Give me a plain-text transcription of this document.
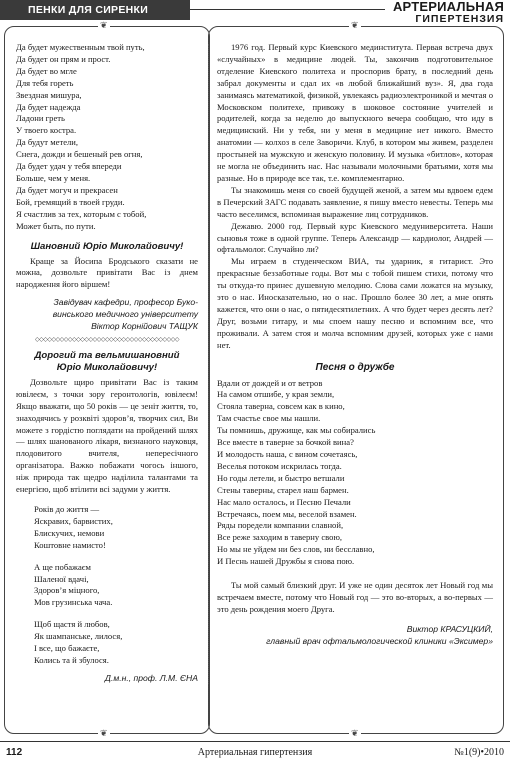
ПЕНКИ ДЛЯ СИРЕНКИ	АРТЕРИАЛЬНАЯ
ГИПЕРТЕНЗИЯ
❦
❦
❦
❦
Да будет мужественным твой путь,
Да будет он прям и прост.
Да будет во мгле
Для тебя гореть
Звездная мишура,
Да будет надежда
Ладони греть
У твоего костра.
Да будут метели,
Снега, дожди и бешеный рев огня,
Да будет удач у тебя впереди
Больше, чем у меня.
Да будет могуч и прекрасен
Бой, гремящий в твоей груди.
Я счастлив за тех, которым с тобой,
Может быть, по пути.
Шановний Юріо Миколайовичу!

Краще за Йосипа Бродського сказати не можна, дозвольте привітати Вас із днем народження його віршем!

Завідувач кафедри, професор Буко-
винського медичного університету
Віктор Корнійович ТАЩУК
◇◇◇◇◇◇◇◇◇◇◇◇◇◇◇◇◇◇◇◇◇◇◇◇◇◇◇◇◇◇◇◇◇◇◇
Дорогий та вельмишановний
Юріо Миколайовичу!

Дозвольте щиро привітати Вас із таким ювілеєм, з точки зору геронтологів, ювілеєм! Якщо вважати, що 50 років — це зеніт життя, то, знаходячись у розквіті здоров’я, творчих сил, Ви можете з гордістю поглядати на пройдений шлях — шлях шанованого лікаря, визнаного науковця, плодовитого вчителя, непересічного організатора. Важко побажати чогось іншого, ніж природа так щедро наділила талантами та енергією, щоб втілити всі задуми у життя.

Років до життя —
Яскравих, барвистих,
Блискучих, немови
Коштовне намисто!
А ще побажаєм
Шаленої вдачі,
Здоров’я міцного,
Мов грузинська чача.
Щоб щастя й любов,
Як шампанське, лилося,
І все, що бажаєте,
Колись та й збулося.
Д.м.н., проф. Л.М. ЄНА

1976 год. Первый курс Киевского мединститута. Первая встреча двух «случайных» в медицине людей. Ты, закончив подготовительное отделение Киевского политеха и проспорив брату, в последний день забрал документы и сдал их «в любой ближайший вуз». Я, два года занимаясь математикой, физикой, увлекаясь радиоэлектроникой и мечтая о Московском политехе, привожу в шоковое состояние учителей и родителей, когда за неделю до выпускного вечера сообщаю, что иду в медицинский. Ни у тебя, ни у меня в медицине нет никого. Вместо анатомии — колхоз в селе Заворичи. Клуб, в котором мы живем, разделен простыней на мужскую и женскую половину. И музыка «битлов», которая не могла не объединить нас. Нас называли молочными братьями, хотя мы разные. Но в природе все так, т.е. комплементарно.

Ты знакомишь меня со своей будущей женой, а затем мы вдвоем едем в Печерский ЗАГС подавать заявление, я пишу вместо невесты. Теперь мы часто веселимся, вспоминая выражение лиц сотрудников.

Дежавю. 2000 год. Первый курс Киевского медуниверситета. Наши сыновья тоже в одной группе. Теперь Александр — кардиолог, Андрей — офтальмолог. Случайно ли?

Мы играем в студенческом ВИА, ты ударник, я гитарист. Это прекрасные беззаботные годы. Вот мы с тобой пишем стихи, потому что ты откуда-то принес душевную мелодию. Слова сами ложатся на музыку, это о нас. Иносказательно, но о нас. Прошло более 30 лет, а мне опять кажется, что они о нас, о пятидесятилетних. А что будет через десять лет? Друг, возьми гитару, и мы споем нашу песню и вспомним все, что проживали. А затем стоя и молча вспомним друзей, которых уже с нами нет.

Песня о дружбе
Вдали от дождей и от ветров
На самом отшибе, у края земли,
Стояла таверна, совсем как в кино,
Там счастье свое мы нашли.
Ты помнишь, дружище, как мы собирались
Все вместе в таверне за бочкой вина?
И молодость наша, с вином сочетаясь,
Веселья потоком искрилась тогда.
Но годы летели, и быстро ветшали
Стены таверны, старел наш бармен.
Нас мало осталось, и Песню Печали
Встречаясь, поем мы, веселой взамен.
Ряды поредели компании славной,
Все реже заходим в таверну свою,
Но мы не уйдем ни без слов, ни бесславно,
И Песнь нашей Дружбы я снова пою.

Ты мой самый близкий друг. И уже не один десяток лет Новый год мы встречаем вместе, потому что Новый год — это во-вторых, а во-первых — это день рождения моего Друга.

Виктор КРАСУЦКИЙ,
главный врач офтальмологической клиники «Эксимер»
112	Артериальная гипертензия	№1(9)•2010
